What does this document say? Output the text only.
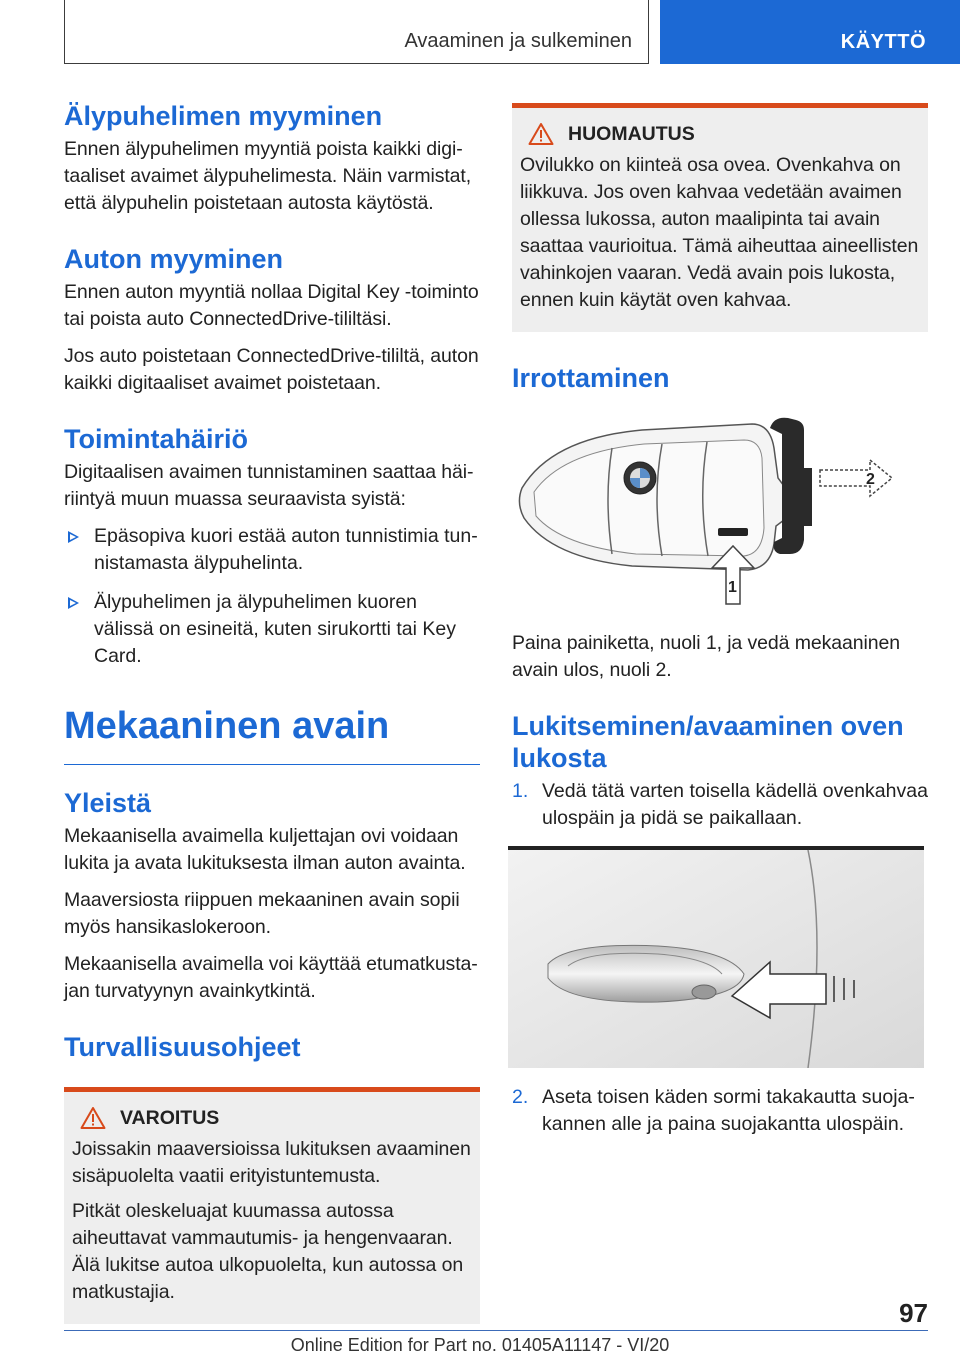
Avaaminen ja sulkeminen	KÄYTTÖ
Älypuhelimen myyminen

Ennen älypuhelimen myyntiä poista kaikki digitaaliset avaimet älypuhelimesta. Näin varmistat, että älypuhelin poistetaan autosta käytöstä.

Auton myyminen

Ennen auton myyntiä nollaa Digital Key -toiminto tai poista auto ConnectedDrive-tililtäsi.

Jos auto poistetaan ConnectedDrive-tililtä, auton kaikki digitaaliset avaimet poistetaan.

Toimintahäiriö

Digitaalisen avaimen tunnistaminen saattaa häiriintyä muun muassa seuraavista syistä:

Epäsopiva kuori estää auton tunnistimia tunnistamasta älypuhelinta.
Älypuhelimen ja älypuhelimen kuoren välissä on esineitä, kuten sirukortti tai Key Card.
Mekaaninen avain
Yleistä

Mekaanisella avaimella kuljettajan ovi voidaan lukita ja avata lukituksesta ilman auton avainta.

Maaversiosta riippuen mekaaninen avain sopii myös hansikaslokeroon.

Mekaanisella avaimella voi käyttää etumatkustajan turvatyynyn avainkytkintä.

Turvallisuusohjeet
VAROITUS

Joissakin maaversioissa lukituksen avaaminen sisäpuolelta vaatii erityistuntemusta.

Pitkät oleskeluajat kuumassa autossa aiheuttavat vammautumis- ja hengenvaaran. Älä lukitse autoa ulkopuolelta, kun autossa on matkustajia.

HUOMAUTUS

Ovilukko on kiinteä osa ovea. Ovenkahva on liikkuva. Jos oven kahvaa vedetään avaimen ollessa lukossa, auton maalipinta tai avain saattaa vaurioitua. Tämä aiheuttaa aineellisten vahinkojen vaaran. Vedä avain pois lukosta, ennen kuin käytät oven kahvaa.

Irrottaminen
2
1

Paina painiketta, nuoli 1, ja vedä mekaaninen avain ulos, nuoli 2.

Lukitseminen/avaaminen oven lukosta
1. Vedä tätä varten toisella kädellä ovenkahvaa ulospäin ja pidä se paikallaan.
2. Aseta toisen käden sormi takakautta suojakannen alle ja paina suojakantta ulospäin.
97
Online Edition for Part no. 01405A11147 - VI/20
